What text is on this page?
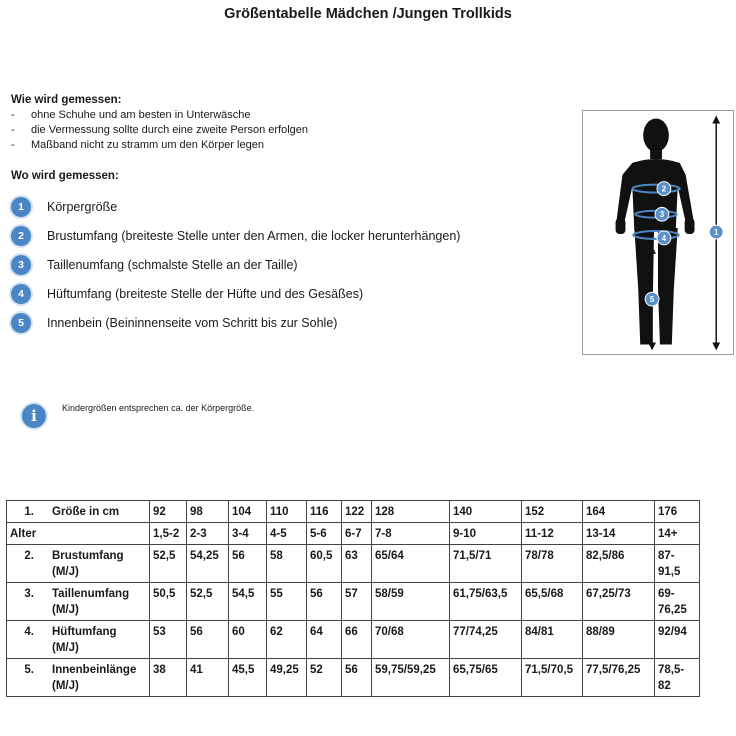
Größentabelle Mädchen /Jungen Trollkids
Wie wird gemessen:
-	ohne Schuhe und am besten in Unterwäsche
-	die Vermessung sollte durch eine zweite Person erfolgen
-	Maßband nicht zu stramm um den Körper legen
Wo wird gemessen:
1	Körpergröße
2	Brustumfang (breiteste Stelle unter den Armen, die locker herunterhängen)
3	Taillenumfang (schmalste Stelle an der Taille)
4	Hüftumfang (breiteste Stelle der Hüfte und des Gesäßes)
5	Innenbein (Beininnenseite vom Schritt bis zur Sohle)
i	Kindergrößen entsprechen ca. der Körpergröße.
1
2
3
4
5
1. Größe in cm	92	98	104	110	116	122	128	140	152	164	176
Alter	1,5-2	2-3	3-4	4-5	5-6	6-7	7-8	9-10	11-12	13-14	14+
2. Brustumfang
(M/J)	52,5	54,25	56	58	60,5	63	65/64	71,5/71	78/78	82,5/86	87-91,5
3. Taillenumfang
(M/J)	50,5	52,5	54,5	55	56	57	58/59	61,75/63,5	65,5/68	67,25/73	69-76,25
4. Hüftumfang
(M/J)	53	56	60	62	64	66	70/68	77/74,25	84/81	88/89	92/94
5. Innenbeinlänge
(M/J)	38	41	45,5	49,25	52	56	59,75/59,25	65,75/65	71,5/70,5	77,5/76,25	78,5-82
